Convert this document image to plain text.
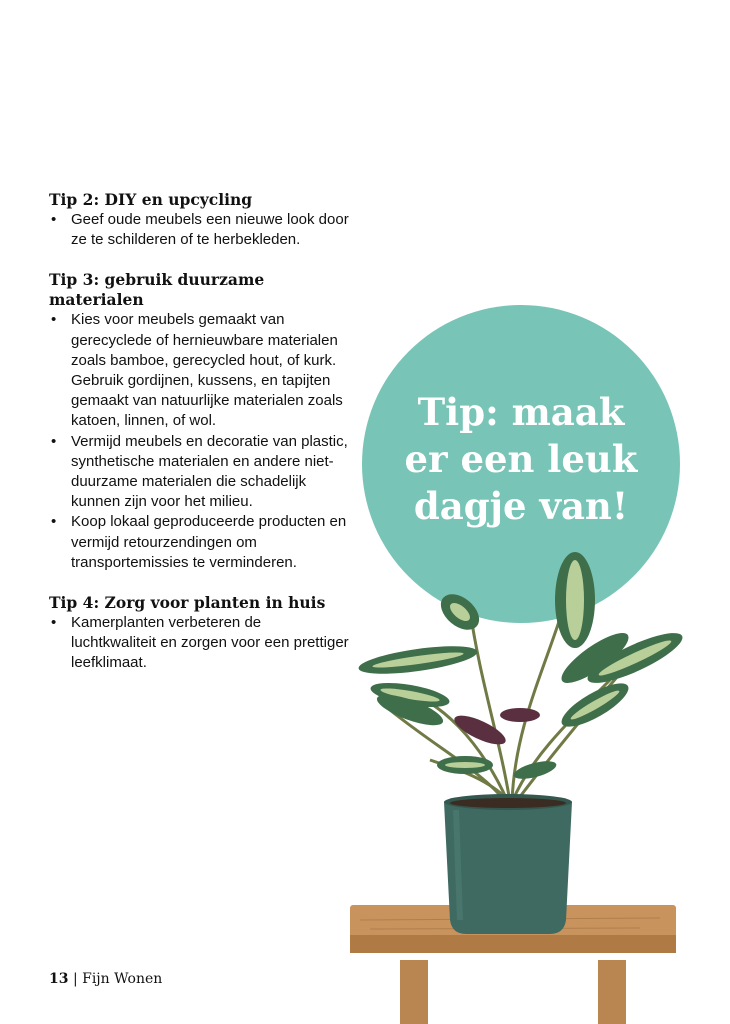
Tip 2: DIY en upcycling
• Geef oude meubels een nieuwe look door ze te schilderen of te herbekleden.
Tip 3: gebruik duurzame materialen
• Kies voor meubels gemaakt van gerecyclede of hernieuwbare materialen zoals bamboe, gerecycled hout, of kurk. Gebruik gordijnen, kussens, en tapijten gemaakt van natuurlijke materialen zoals katoen, linnen, of wol.
• Vermijd meubels en decoratie van plastic, synthetische materialen en andere niet-duurzame materialen die schadelijk kunnen zijn voor het milieu.
• Koop lokaal geproduceerde producten en vermijd retourzendingen om transportemissies te verminderen.
Tip 4: Zorg voor planten in huis
• Kamerplanten verbeteren de luchtkwaliteit en zorgen voor een prettiger leefklimaat.
Tip: maak er een leuk dagje van!
13 | Fijn Wonen
